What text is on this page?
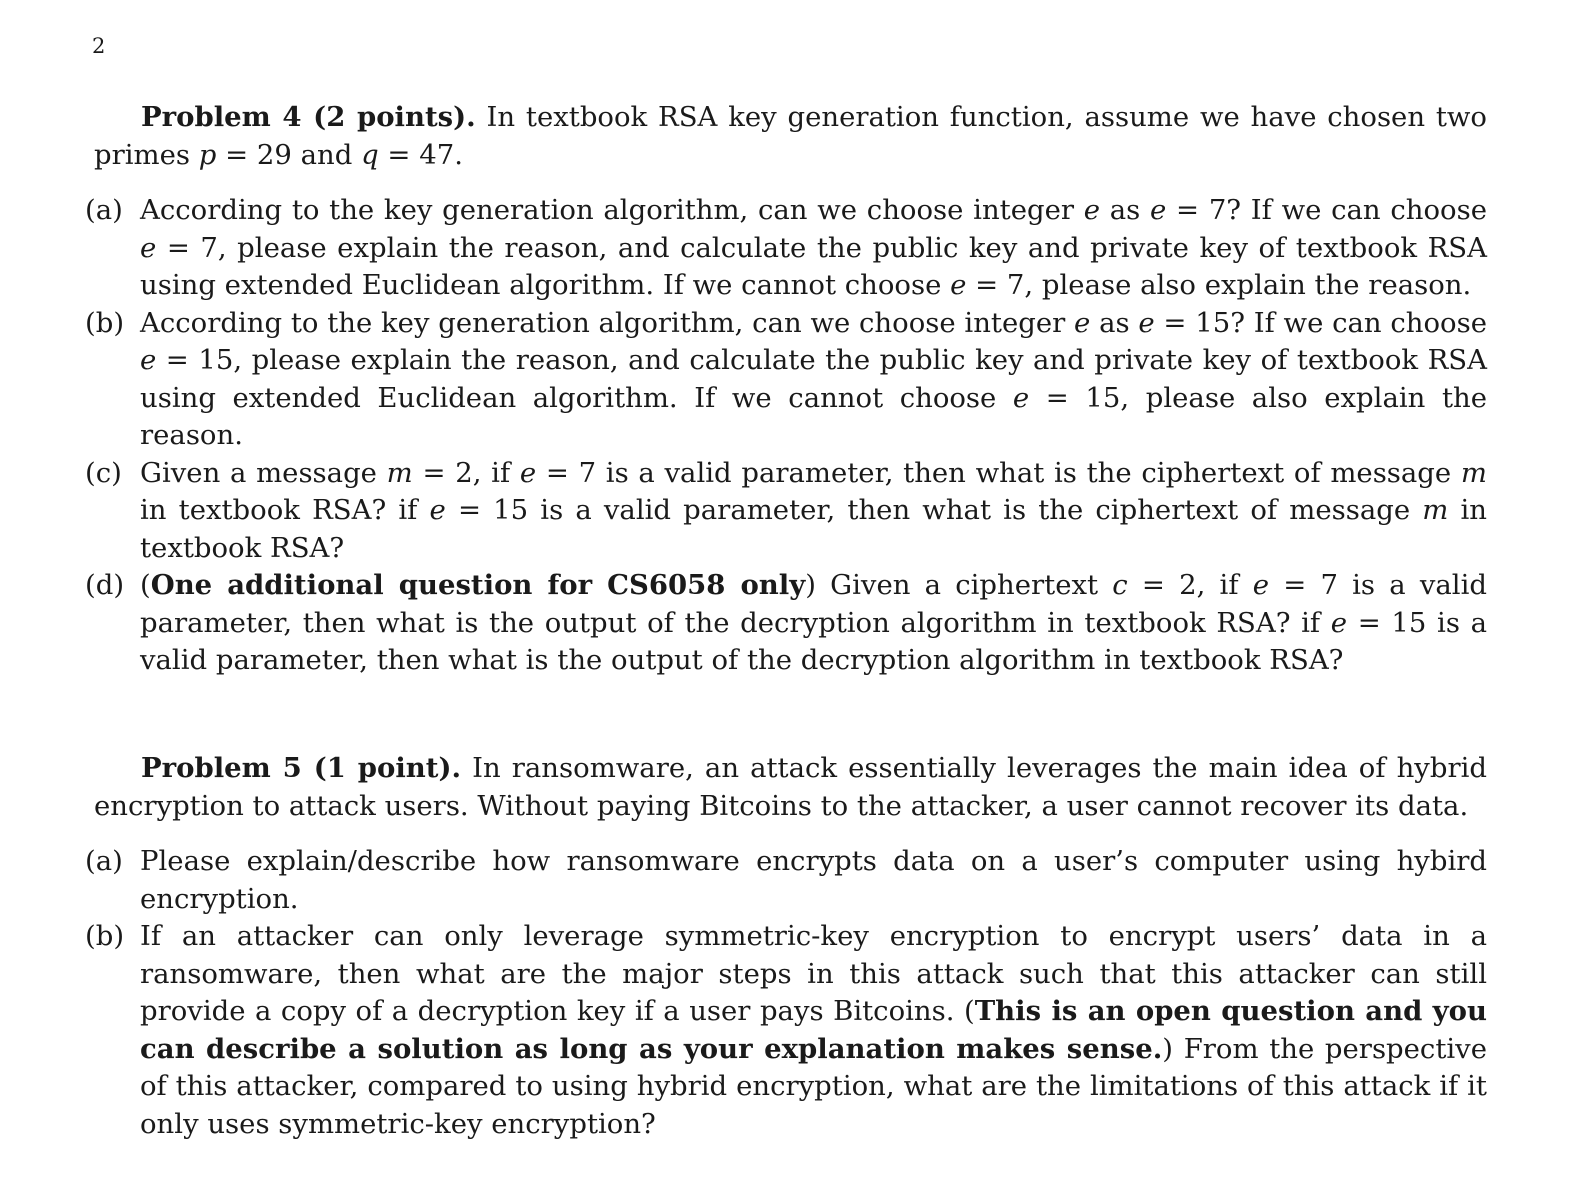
2

Problem 4 (2 points). In textbook RSA key generation function, assume we have chosen two primes p = 29 and q = 47.

(a) According to the key generation algorithm, can we choose integer e as e = 7? If we can choose e = 7, please explain the reason, and calculate the public key and private key of textbook RSA using extended Euclidean algorithm. If we cannot choose e = 7, please also explain the reason.
(b) According to the key generation algorithm, can we choose integer e as e = 15? If we can choose e = 15, please explain the reason, and calculate the public key and private key of textbook RSA using extended Euclidean algorithm. If we cannot choose e = 15, please also explain the reason.
(c) Given a message m = 2, if e = 7 is a valid parameter, then what is the ciphertext of message m in textbook RSA? if e = 15 is a valid parameter, then what is the ciphertext of message m in textbook RSA?
(d) (One additional question for CS6058 only) Given a ciphertext c = 2, if e = 7 is a valid parameter, then what is the output of the decryption algorithm in textbook RSA? if e = 15 is a valid parameter, then what is the output of the decryption algorithm in textbook RSA?

Problem 5 (1 point). In ransomware, an attack essentially leverages the main idea of hybrid encryption to attack users. Without paying Bitcoins to the attacker, a user cannot recover its data.

(a) Please explain/describe how ransomware encrypts data on a user’s computer using hybird encryption.
(b) If an attacker can only leverage symmetric-key encryption to encrypt users’ data in a ransomware, then what are the major steps in this attack such that this attacker can still provide a copy of a decryption key if a user pays Bitcoins. (This is an open question and you can describe a solution as long as your explanation makes sense.) From the perspective of this attacker, compared to using hybrid encryption, what are the limitations of this attack if it only uses symmetric-key encryption?
